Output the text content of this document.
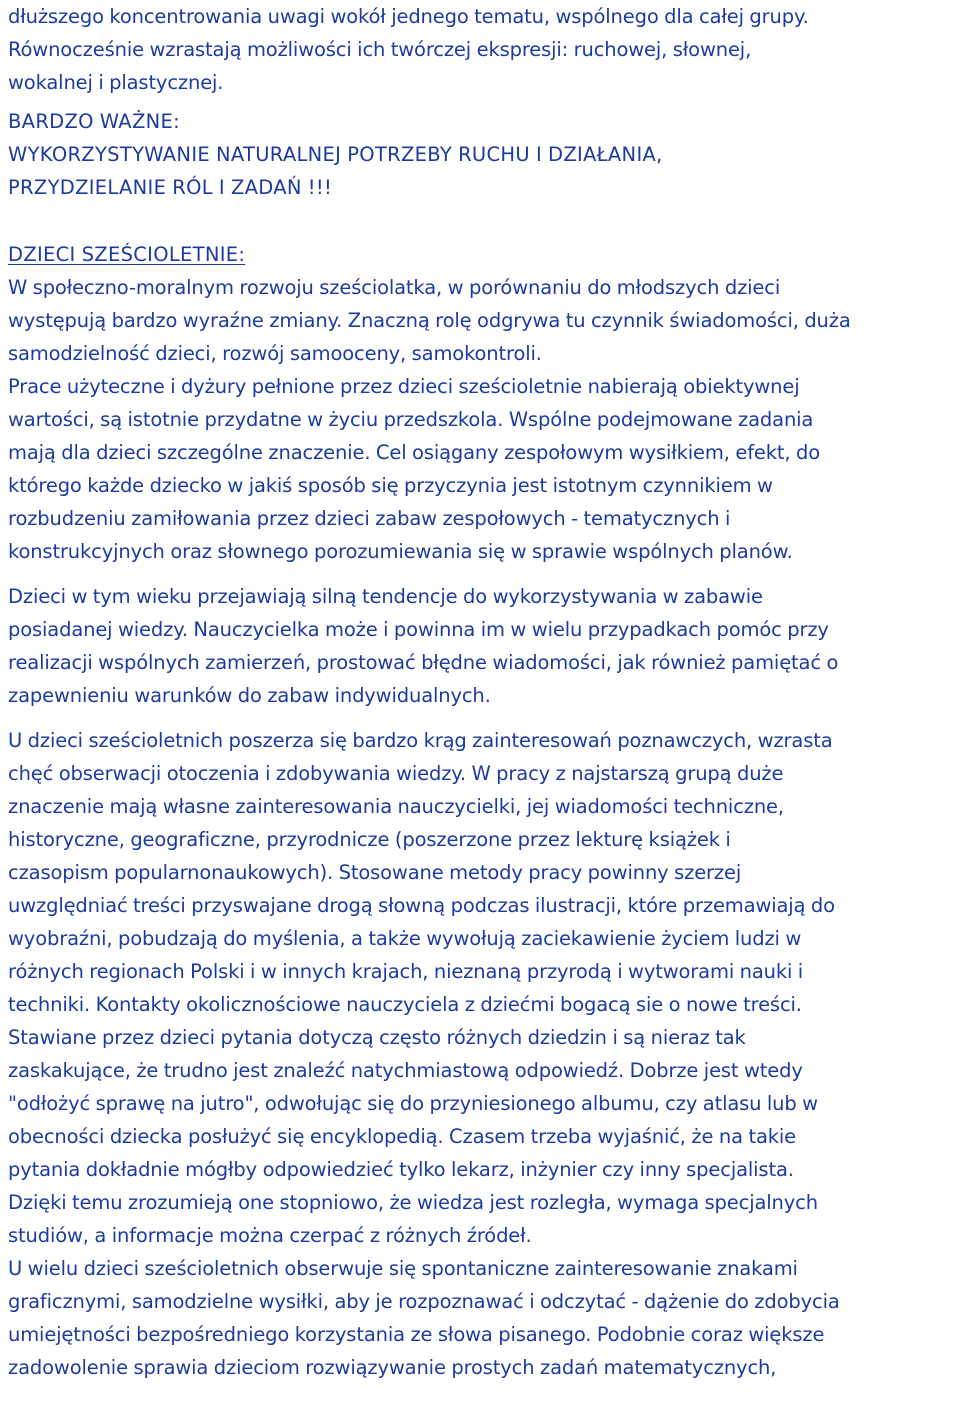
dłuższego koncentrowania uwagi wokół jednego tematu, wspólnego dla całej grupy.
Równocześnie wzrastają możliwości ich twórczej ekspresji: ruchowej, słownej,
wokalnej i plastycznej.
BARDZO WAŻNE:
WYKORZYSTYWANIE NATURALNEJ POTRZEBY RUCHU I DZIAŁANIA,
PRZYDZIELANIE RÓL I ZADAŃ !!!
DZIECI SZEŚCIOLETNIE:
W społeczno-moralnym rozwoju sześciolatka, w porównaniu do młodszych dzieci
występują bardzo wyraźne zmiany. Znaczną rolę odgrywa tu czynnik świadomości, duża
samodzielność dzieci, rozwój samooceny, samokontroli.
Prace użyteczne i dyżury pełnione przez dzieci sześcioletnie nabierają obiektywnej
wartości, są istotnie przydatne w życiu przedszkola. Wspólne podejmowane zadania
mają dla dzieci szczególne znaczenie. Cel osiągany zespołowym wysiłkiem, efekt, do
którego każde dziecko w jakiś sposób się przyczynia jest istotnym czynnikiem w
rozbudzeniu zamiłowania przez dzieci zabaw zespołowych - tematycznych i
konstrukcyjnych oraz słownego porozumiewania się w sprawie wspólnych planów.
Dzieci w tym wieku przejawiają silną tendencje do wykorzystywania w zabawie
posiadanej wiedzy. Nauczycielka może i powinna im w wielu przypadkach pomóc przy
realizacji wspólnych zamierzeń, prostować błędne wiadomości, jak również pamiętać o
zapewnieniu warunków do zabaw indywidualnych.
U dzieci sześcioletnich poszerza się bardzo krąg zainteresowań poznawczych, wzrasta
chęć obserwacji otoczenia i zdobywania wiedzy. W pracy z najstarszą grupą duże
znaczenie mają własne zainteresowania nauczycielki, jej wiadomości techniczne,
historyczne, geograficzne, przyrodnicze (poszerzone przez lekturę książek i
czasopism popularnonaukowych). Stosowane metody pracy powinny szerzej
uwzględniać treści przyswajane drogą słowną podczas ilustracji, które przemawiają do
wyobraźni, pobudzają do myślenia, a także wywołują zaciekawienie życiem ludzi w
różnych regionach Polski i w innych krajach, nieznaną przyrodą i wytworami nauki i
techniki. Kontakty okolicznościowe nauczyciela z dziećmi bogacą sie o nowe treści.
Stawiane przez dzieci pytania dotyczą często różnych dziedzin i są nieraz tak
zaskakujące, że trudno jest znaleźć natychmiastową odpowiedź. Dobrze jest wtedy
"odłożyć sprawę na jutro", odwołując się do przyniesionego albumu, czy atlasu lub w
obecności dziecka posłużyć się encyklopedią. Czasem trzeba wyjaśnić, że na takie
pytania dokładnie mógłby odpowiedzieć tylko lekarz, inżynier czy inny specjalista.
Dzięki temu zrozumieją one stopniowo, że wiedza jest rozległa, wymaga specjalnych
studiów, a informacje można czerpać z różnych źródeł.
U wielu dzieci sześcioletnich obserwuje się spontaniczne zainteresowanie znakami
graficznymi, samodzielne wysiłki, aby je rozpoznawać i odczytać - dążenie do zdobycia
umiejętności bezpośredniego korzystania ze słowa pisanego. Podobnie coraz większe
zadowolenie sprawia dzieciom rozwiązywanie prostych zadań matematycznych,
